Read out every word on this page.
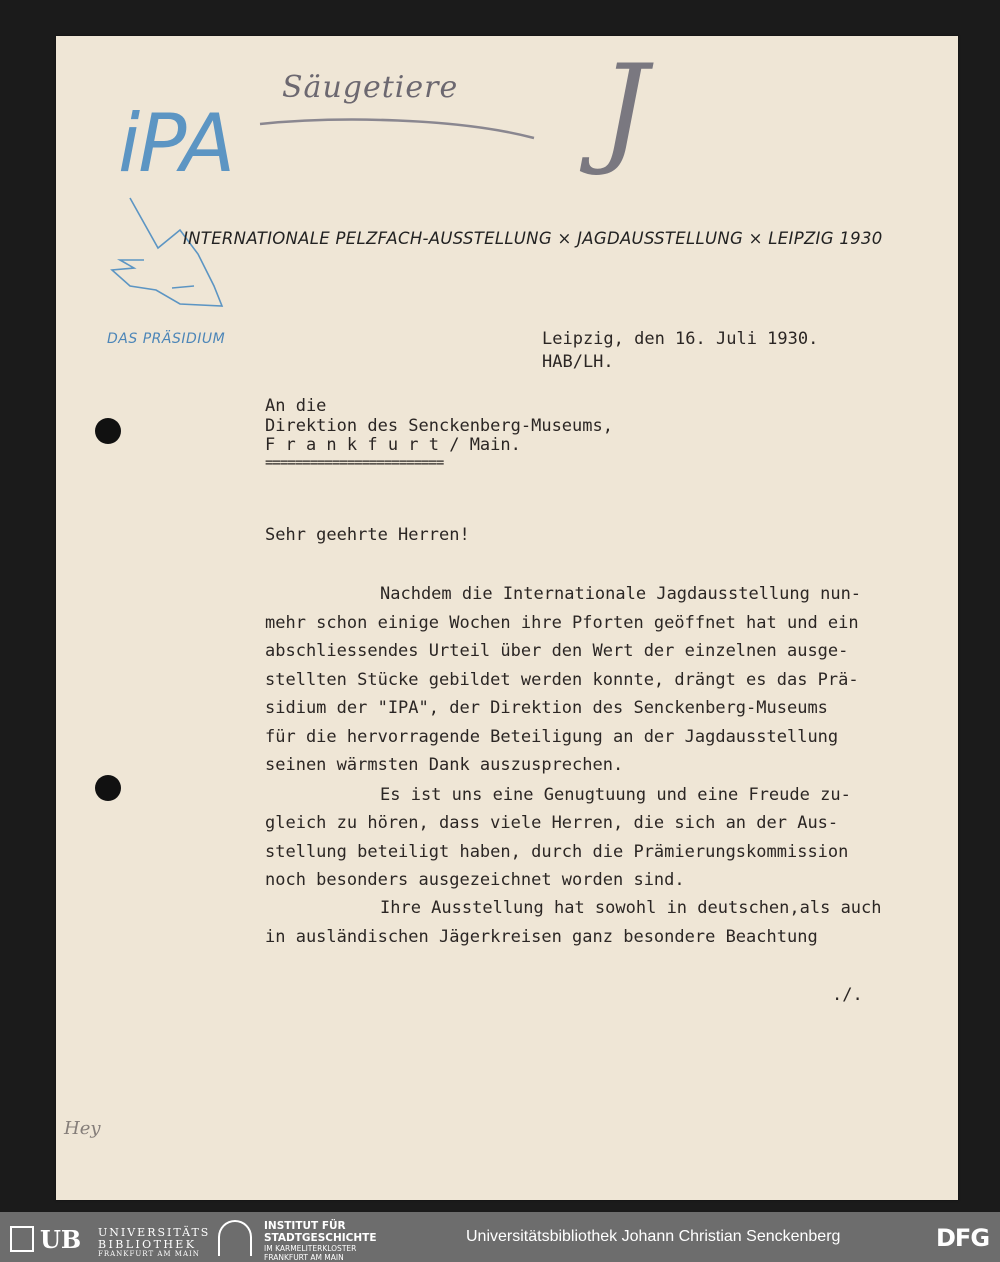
Säugetiere J
Hey
iPA
INTERNATIONALE PELZFACH-AUSSTELLUNG × JAGDAUSSTELLUNG × LEIPZIG 1930
DAS PRÄSIDIUM	Leipzig, den 16. Juli 1930.
HAB/LH.
An die
Direktion des Senckenberg-Museums,
F r a n k f u r t / Main.
========================
Sehr geehrte Herren!
Nachdem die Internationale Jagdausstellung nun-
mehr schon einige Wochen ihre Pforten geöffnet hat und ein
abschliessendes Urteil über den Wert der einzelnen ausge-
stellten Stücke gebildet werden konnte, drängt es das Prä-
sidium der "IPA", der Direktion des Senckenberg-Museums
für die hervorragende Beteiligung an der Jagdausstellung
seinen wärmsten Dank auszusprechen.
Es ist uns eine Genugtuung und eine Freude zu-
gleich zu hören, dass viele Herren, die sich an der Aus-
stellung beteiligt haben, durch die Prämierungskommission
noch besonders ausgezeichnet worden sind.
Ihre Ausstellung hat sowohl in deutschen,als auch
in ausländischen Jägerkreisen ganz besondere Beachtung
./.
UB UNIVERSITÄTS
BIBLIOTHEK
FRANKFURT AM MAIN
INSTITUT FÜR
STADTGESCHICHTE
IM KARMELITERKLOSTER
FRANKFURT AM MAIN
Universitätsbibliothek Johann Christian Senckenberg	DFG
